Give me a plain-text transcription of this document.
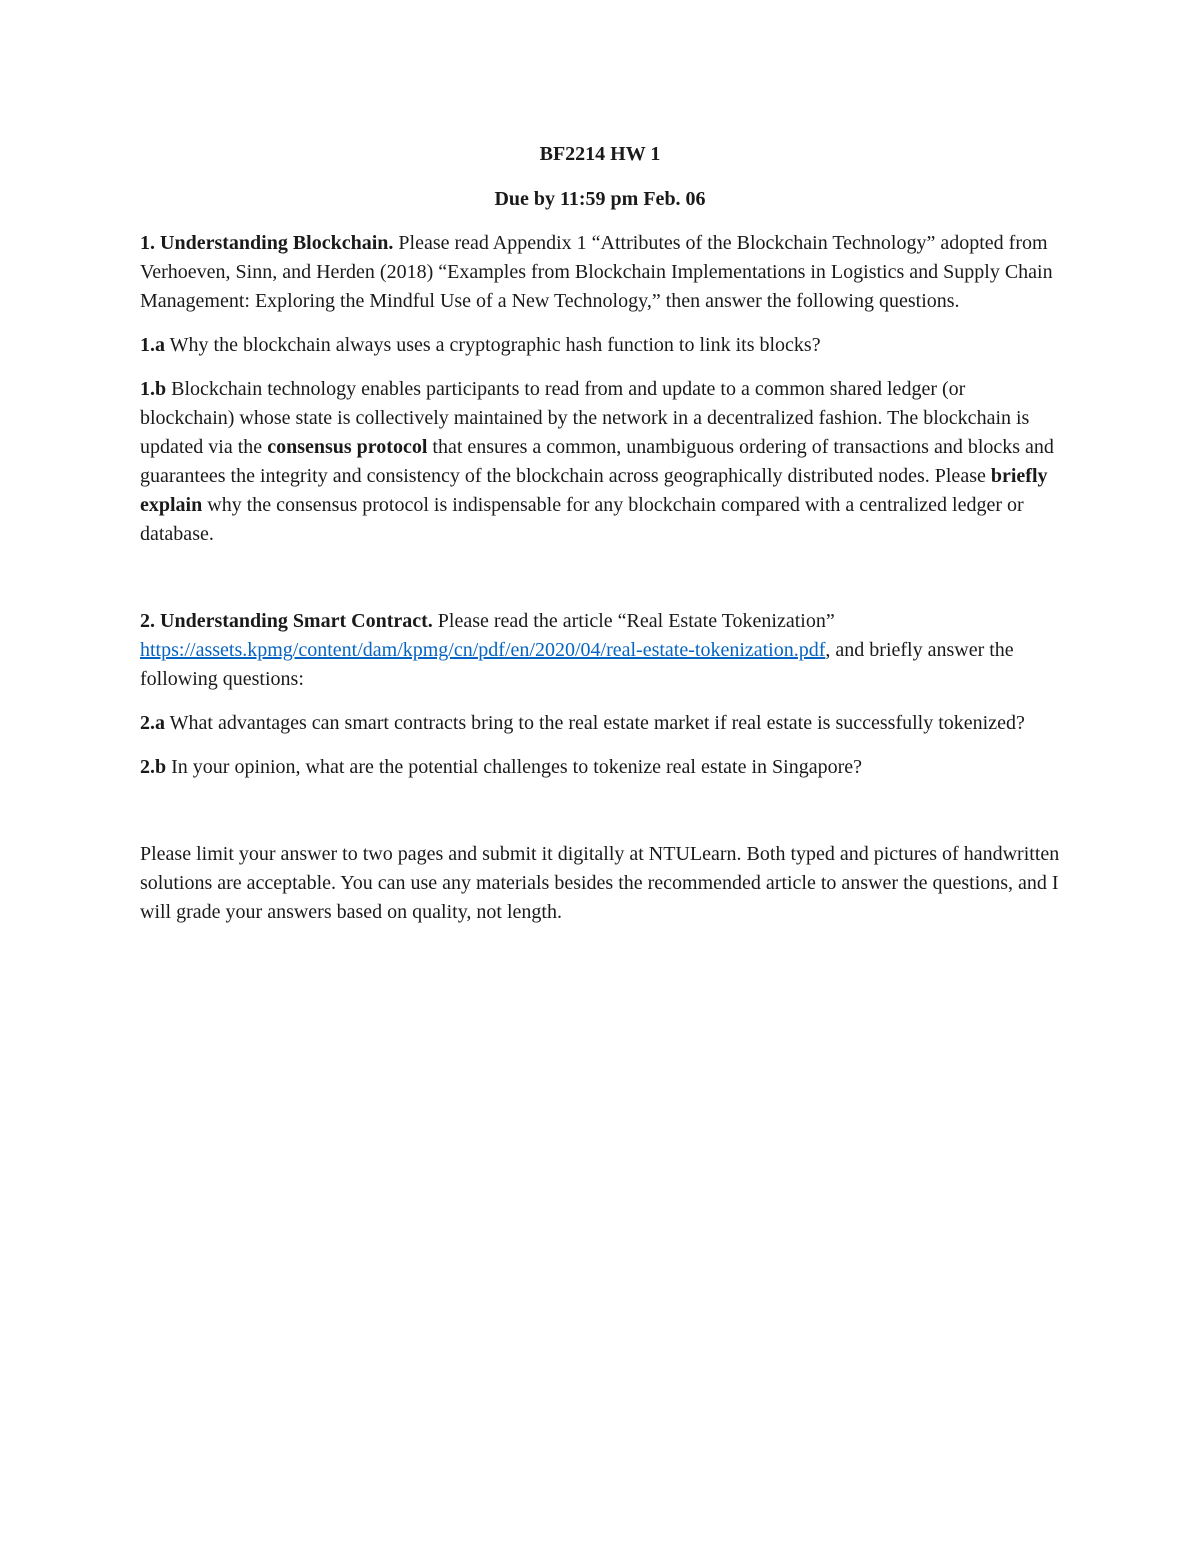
BF2214 HW 1
Due by 11:59 pm Feb. 06

1. Understanding Blockchain. Please read Appendix 1 “Attributes of the Blockchain Technology” adopted from Verhoeven, Sinn, and Herden (2018) “Examples from Blockchain Implementations in Logistics and Supply Chain Management: Exploring the Mindful Use of a New Technology,” then answer the following questions.

1.a Why the blockchain always uses a cryptographic hash function to link its blocks?

1.b Blockchain technology enables participants to read from and update to a common shared ledger (or blockchain) whose state is collectively maintained by the network in a decentralized fashion. The blockchain is updated via the consensus protocol that ensures a common, unambiguous ordering of transactions and blocks and guarantees the integrity and consistency of the blockchain across geographically distributed nodes. Please briefly explain why the consensus protocol is indispensable for any blockchain compared with a centralized ledger or database.

2. Understanding Smart Contract. Please read the article “Real Estate Tokenization” https://assets.kpmg/content/dam/kpmg/cn/pdf/en/2020/04/real-estate-tokenization.pdf, and briefly answer the following questions:

2.a What advantages can smart contracts bring to the real estate market if real estate is successfully tokenized?

2.b In your opinion, what are the potential challenges to tokenize real estate in Singapore?

Please limit your answer to two pages and submit it digitally at NTULearn. Both typed and pictures of handwritten solutions are acceptable. You can use any materials besides the recommended article to answer the questions, and I will grade your answers based on quality, not length.
